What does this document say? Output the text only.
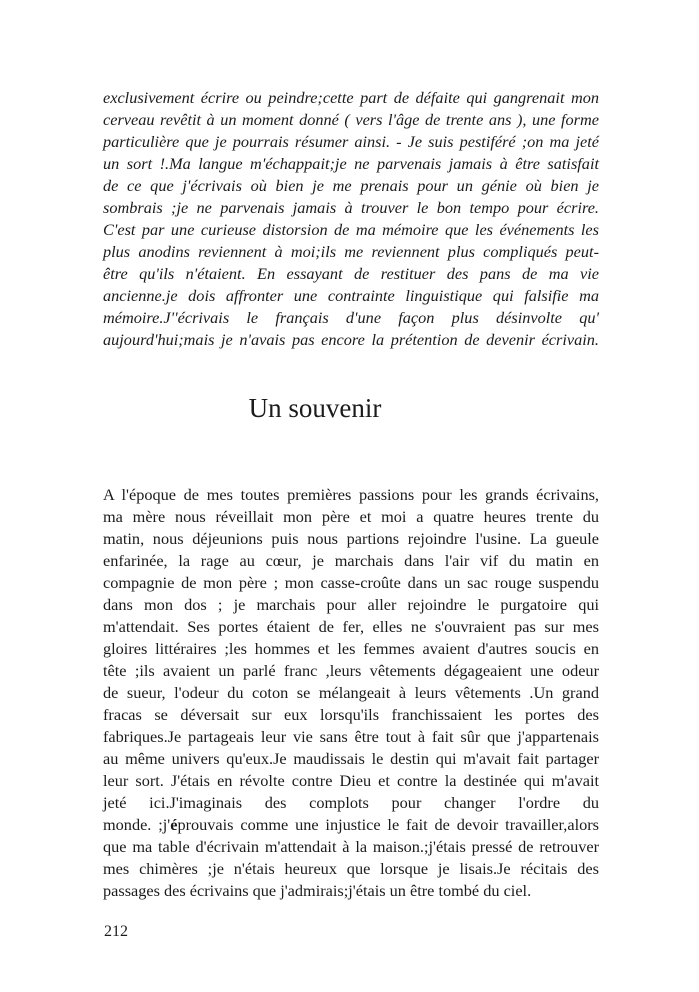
exclusivement écrire ou peindre;cette part de défaite qui gangrenait mon
cerveau revêtit à un moment donné ( vers l'âge de trente ans ), une forme
particulière que je pourrais résumer ainsi. - Je suis pestiféré ;on ma jeté
un sort !.Ma langue m'échappait;je ne parvenais jamais à être satisfait
de ce que j'écrivais où bien je me prenais pour un génie où bien je
sombrais ;je ne parvenais jamais à trouver le bon tempo pour écrire.
C'est par une curieuse distorsion de ma mémoire que les événements les
plus anodins reviennent à moi;ils me reviennent plus compliqués peut-
être qu'ils n'étaient. En essayant de restituer des pans de ma vie
ancienne.je dois affronter une contrainte linguistique qui falsifie ma
mémoire.J''écrivais le français d'une façon plus désinvolte qu'
aujourd'hui;mais je n'avais pas encore la prétention de devenir écrivain.
Un souvenir
A l'époque de mes toutes premières passions pour les grands écrivains,
ma mère nous réveillait mon père et moi a quatre heures trente du
matin, nous déjeunions puis nous partions rejoindre l'usine. La gueule
enfarinée, la rage au cœur, je marchais dans l'air vif du matin en
compagnie de mon père ; mon casse-croûte dans un sac rouge suspendu
dans mon dos ; je marchais pour aller rejoindre le purgatoire qui
m'attendait. Ses portes étaient de fer, elles ne s'ouvraient pas sur mes
gloires littéraires ;les hommes et les femmes avaient d'autres soucis en
tête ;ils avaient un parlé franc ,leurs vêtements dégageaient une odeur
de sueur, l'odeur du coton se mélangeait à leurs vêtements .Un grand
fracas se déversait sur eux lorsqu'ils franchissaient les portes des
fabriques.Je partageais leur vie sans être tout à fait sûr que j'appartenais
au même univers qu'eux.Je maudissais le destin qui m'avait fait partager
leur sort. J'étais en révolte contre Dieu et contre la destinée qui m'avait
jeté ici.J'imaginais des complots pour changer l'ordre du
monde. ;j'éprouvais comme une injustice le fait de devoir travailler,alors
que ma table d'écrivain m'attendait à la maison.;j'étais pressé de retrouver
mes chimères ;je n'étais heureux que lorsque je lisais.Je récitais des
passages des écrivains que j'admirais;j'étais un être tombé du ciel.
212
